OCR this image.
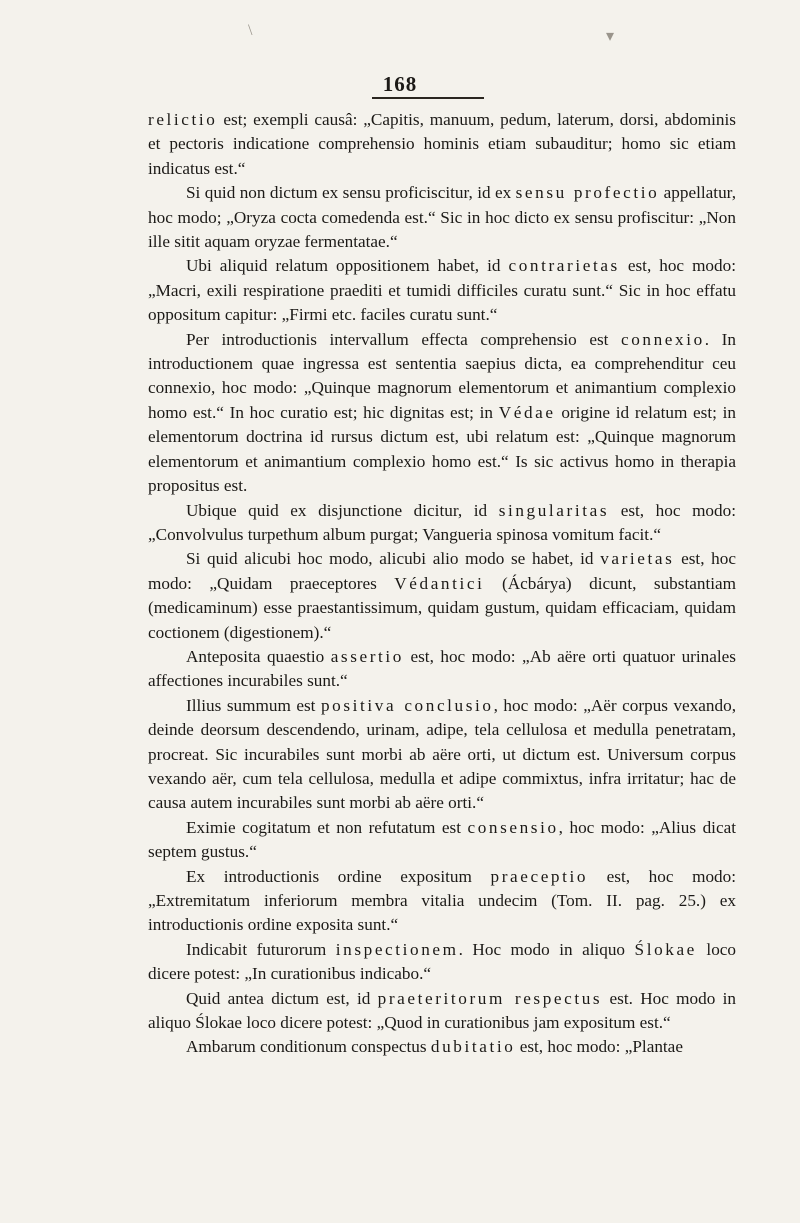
\	▾
168

relictio est; exempli causâ: „Capitis, manuum, pedum, laterum, dorsi, abdominis et pectoris indicatione comprehensio hominis etiam subauditur; homo sic etiam indicatus est.“

Si quid non dictum ex sensu proficiscitur, id ex sensu profectio appellatur, hoc modo; „Oryza cocta comedenda est.“ Sic in hoc dicto ex sensu profiscitur: „Non ille sitit aquam oryzae fermentatae.“

Ubi aliquid relatum oppositionem habet, id contrarietas est, hoc modo: „Macri, exili respiratione praediti et tumidi difficiles curatu sunt.“ Sic in hoc effatu oppositum capitur: „Firmi etc. faciles curatu sunt.“

Per introductionis intervallum effecta comprehensio est connexio. In introductionem quae ingressa est sententia saepius dicta, ea comprehenditur ceu connexio, hoc modo: „Quinque magnorum elementorum et animantium complexio homo est.“ In hoc curatio est; hic dignitas est; in Védae origine id relatum est; in elementorum doctrina id rursus dictum est, ubi relatum est: „Quinque magnorum elementorum et animantium complexio homo est.“ Is sic activus homo in therapia propositus est.

Ubique quid ex disjunctione dicitur, id singularitas est, hoc modo: „Convolvulus turpethum album purgat; Vangueria spinosa vomitum facit.“

Si quid alicubi hoc modo, alicubi alio modo se habet, id varietas est, hoc modo: „Quidam praeceptores Védantici (Ácbárya) dicunt, substantiam (medicaminum) esse praestantissimum, quidam gustum, quidam efficaciam, quidam coctionem (digestionem).“

Anteposita quaestio assertio est, hoc modo: „Ab aëre orti quatuor urinales affectiones incurabiles sunt.“

Illius summum est positiva conclusio, hoc modo: „Aër corpus vexando, deinde deorsum descendendo, urinam, adipe, tela cellulosa et medulla penetratam, procreat. Sic incurabiles sunt morbi ab aëre orti, ut dictum est. Universum corpus vexando aër, cum tela cellulosa, medulla et adipe commixtus, infra irritatur; hac de causa autem incurabiles sunt morbi ab aëre orti.“

Eximie cogitatum et non refutatum est consensio, hoc modo: „Alius dicat septem gustus.“

Ex introductionis ordine expositum praeceptio est, hoc modo: „Extremitatum inferiorum membra vitalia undecim (Tom. II. pag. 25.) ex introductionis ordine exposita sunt.“

Indicabit futurorum inspectionem. Hoc modo in aliquo Ślokae loco dicere potest: „In curationibus indicabo.“

Quid antea dictum est, id praeteritorum respectus est. Hoc modo in aliquo Ślokae loco dicere potest: „Quod in curationibus jam expositum est.“

Ambarum conditionum conspectus dubitatio est, hoc modo: „Plantae
